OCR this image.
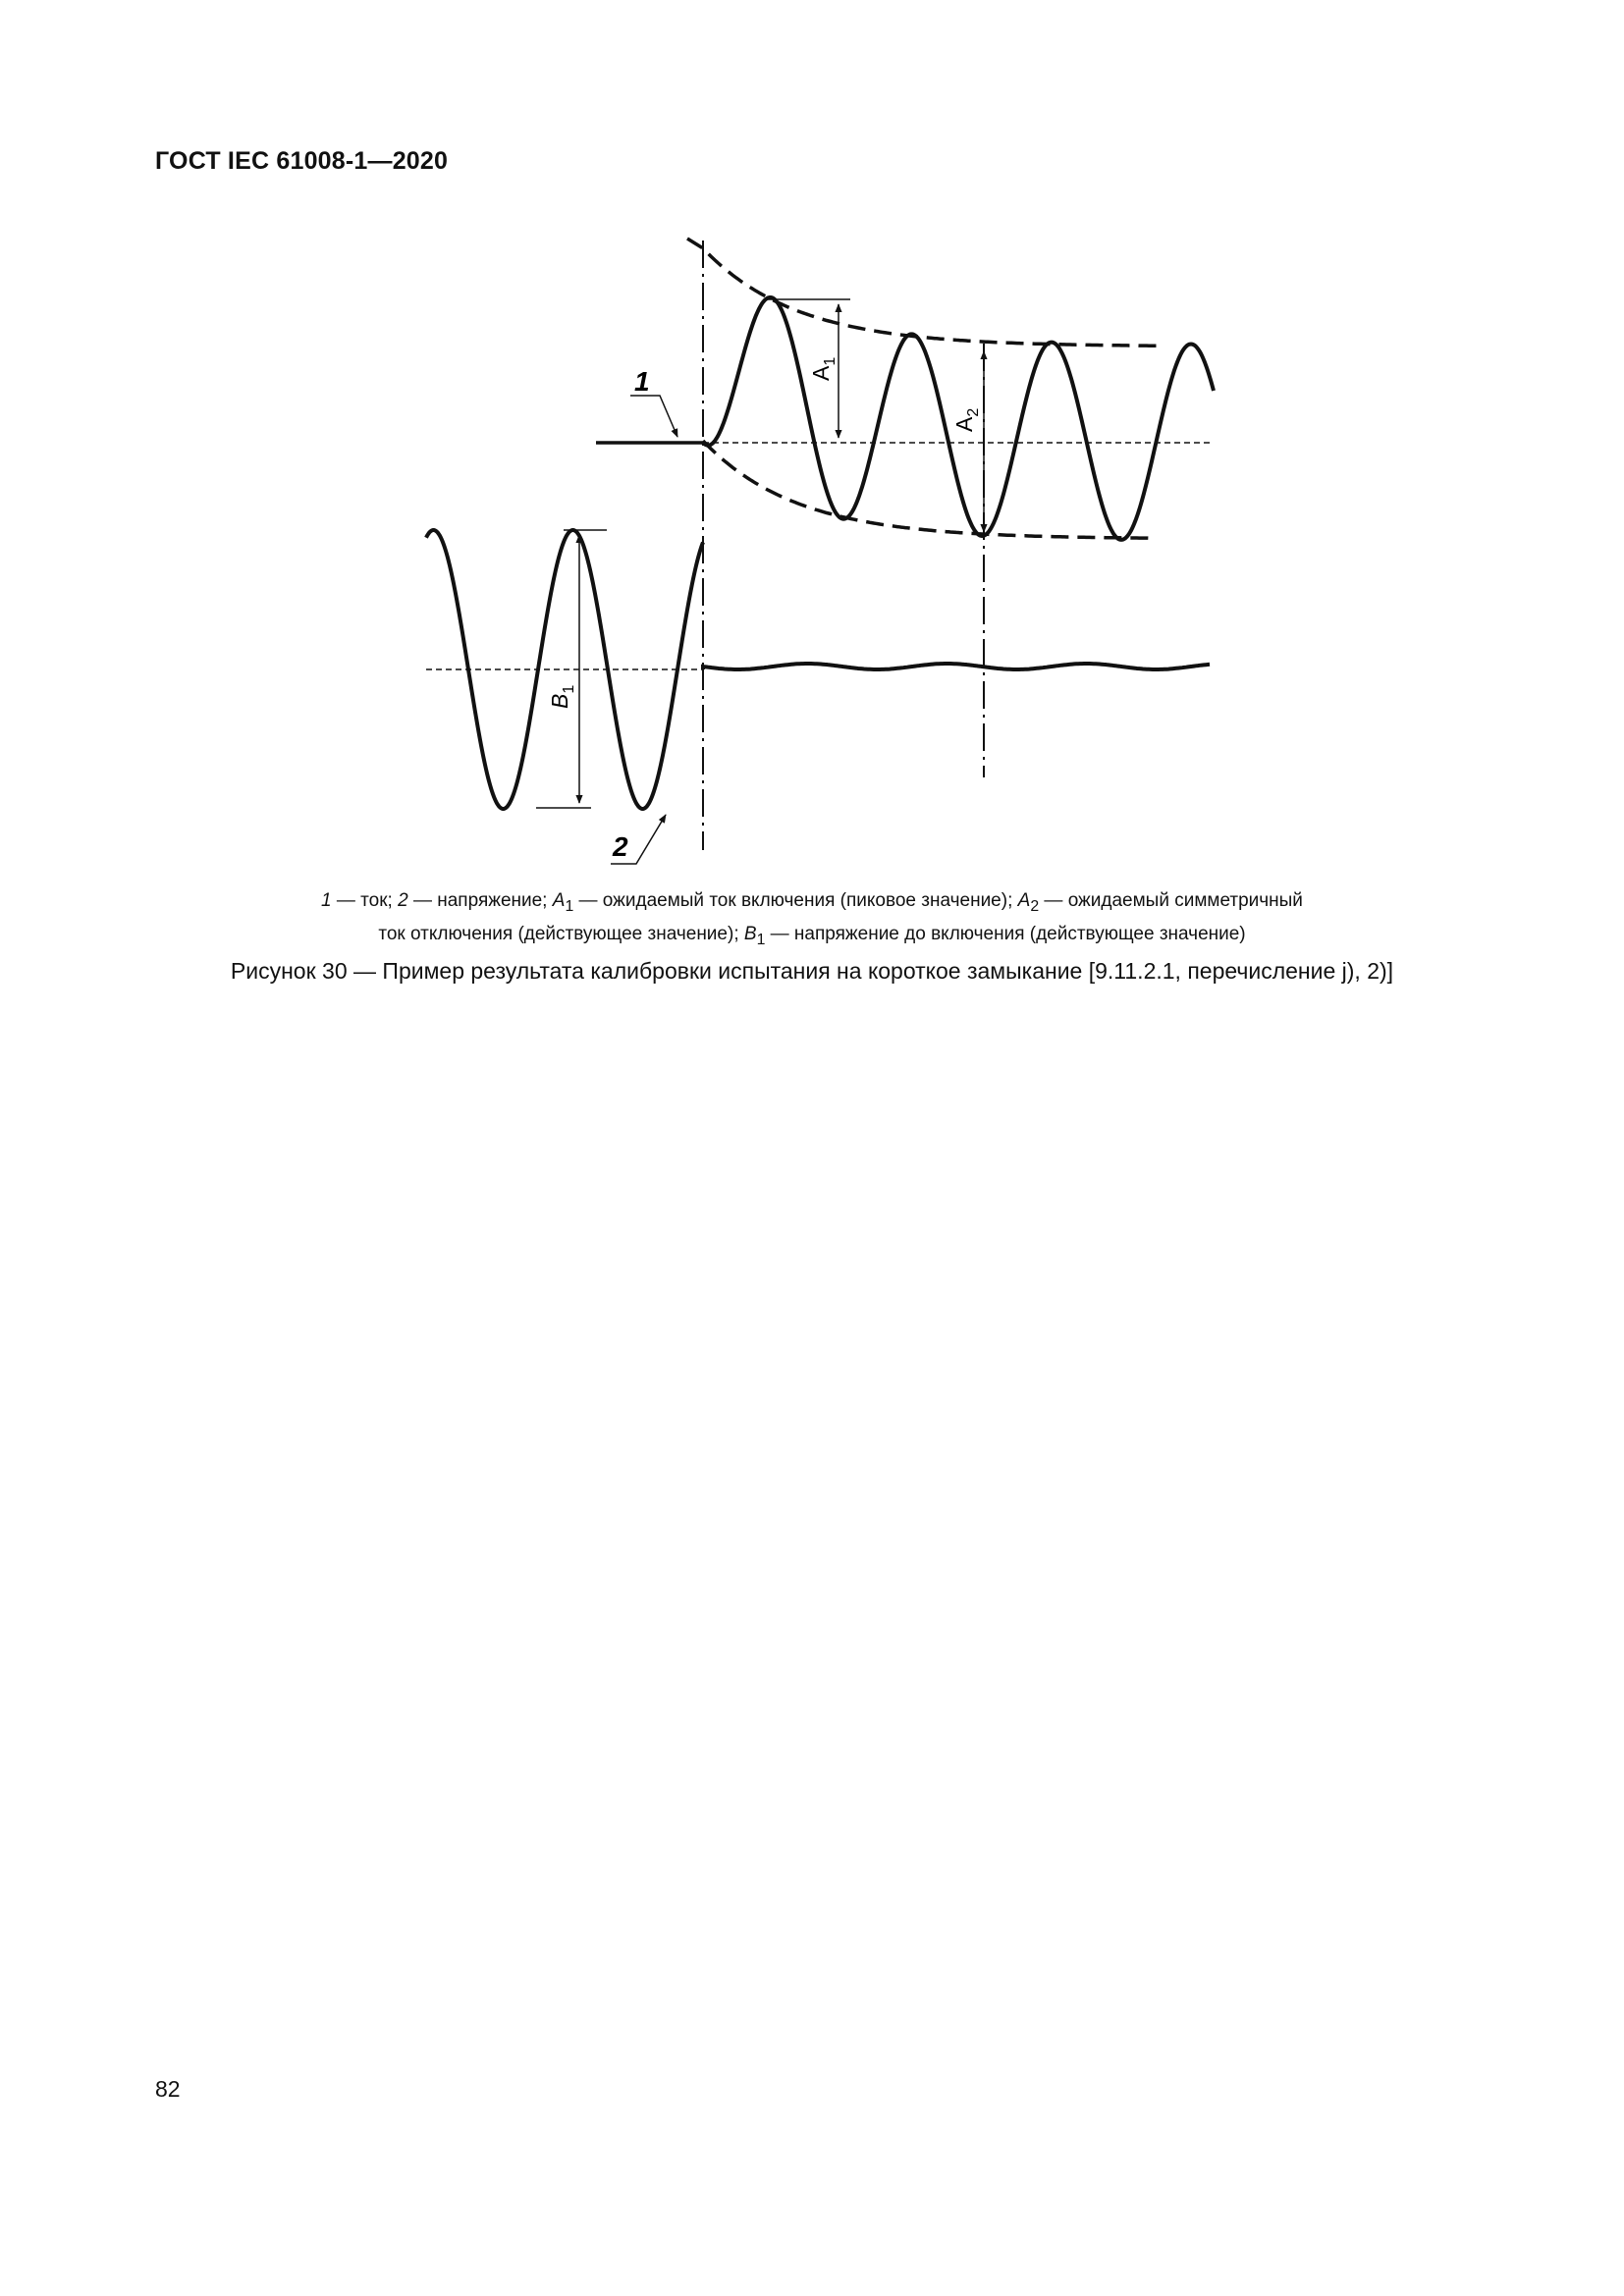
ГОСТ IEC 61008-1—2020
$A_1$
$A_2$
$B_1$
1
2
1 — ток; 2 — напряжение; $A_1$ — ожидаемый ток включения (пиковое значение); $A_2$ — ожидаемый симметричный
ток отключения (действующее значение); $B_1$ — напряжение до включения (действующее значение)
Рисунок 30 — Пример результата калибровки испытания на короткое замыкание [9.11.2.1, перечисление j), 2)]
82
